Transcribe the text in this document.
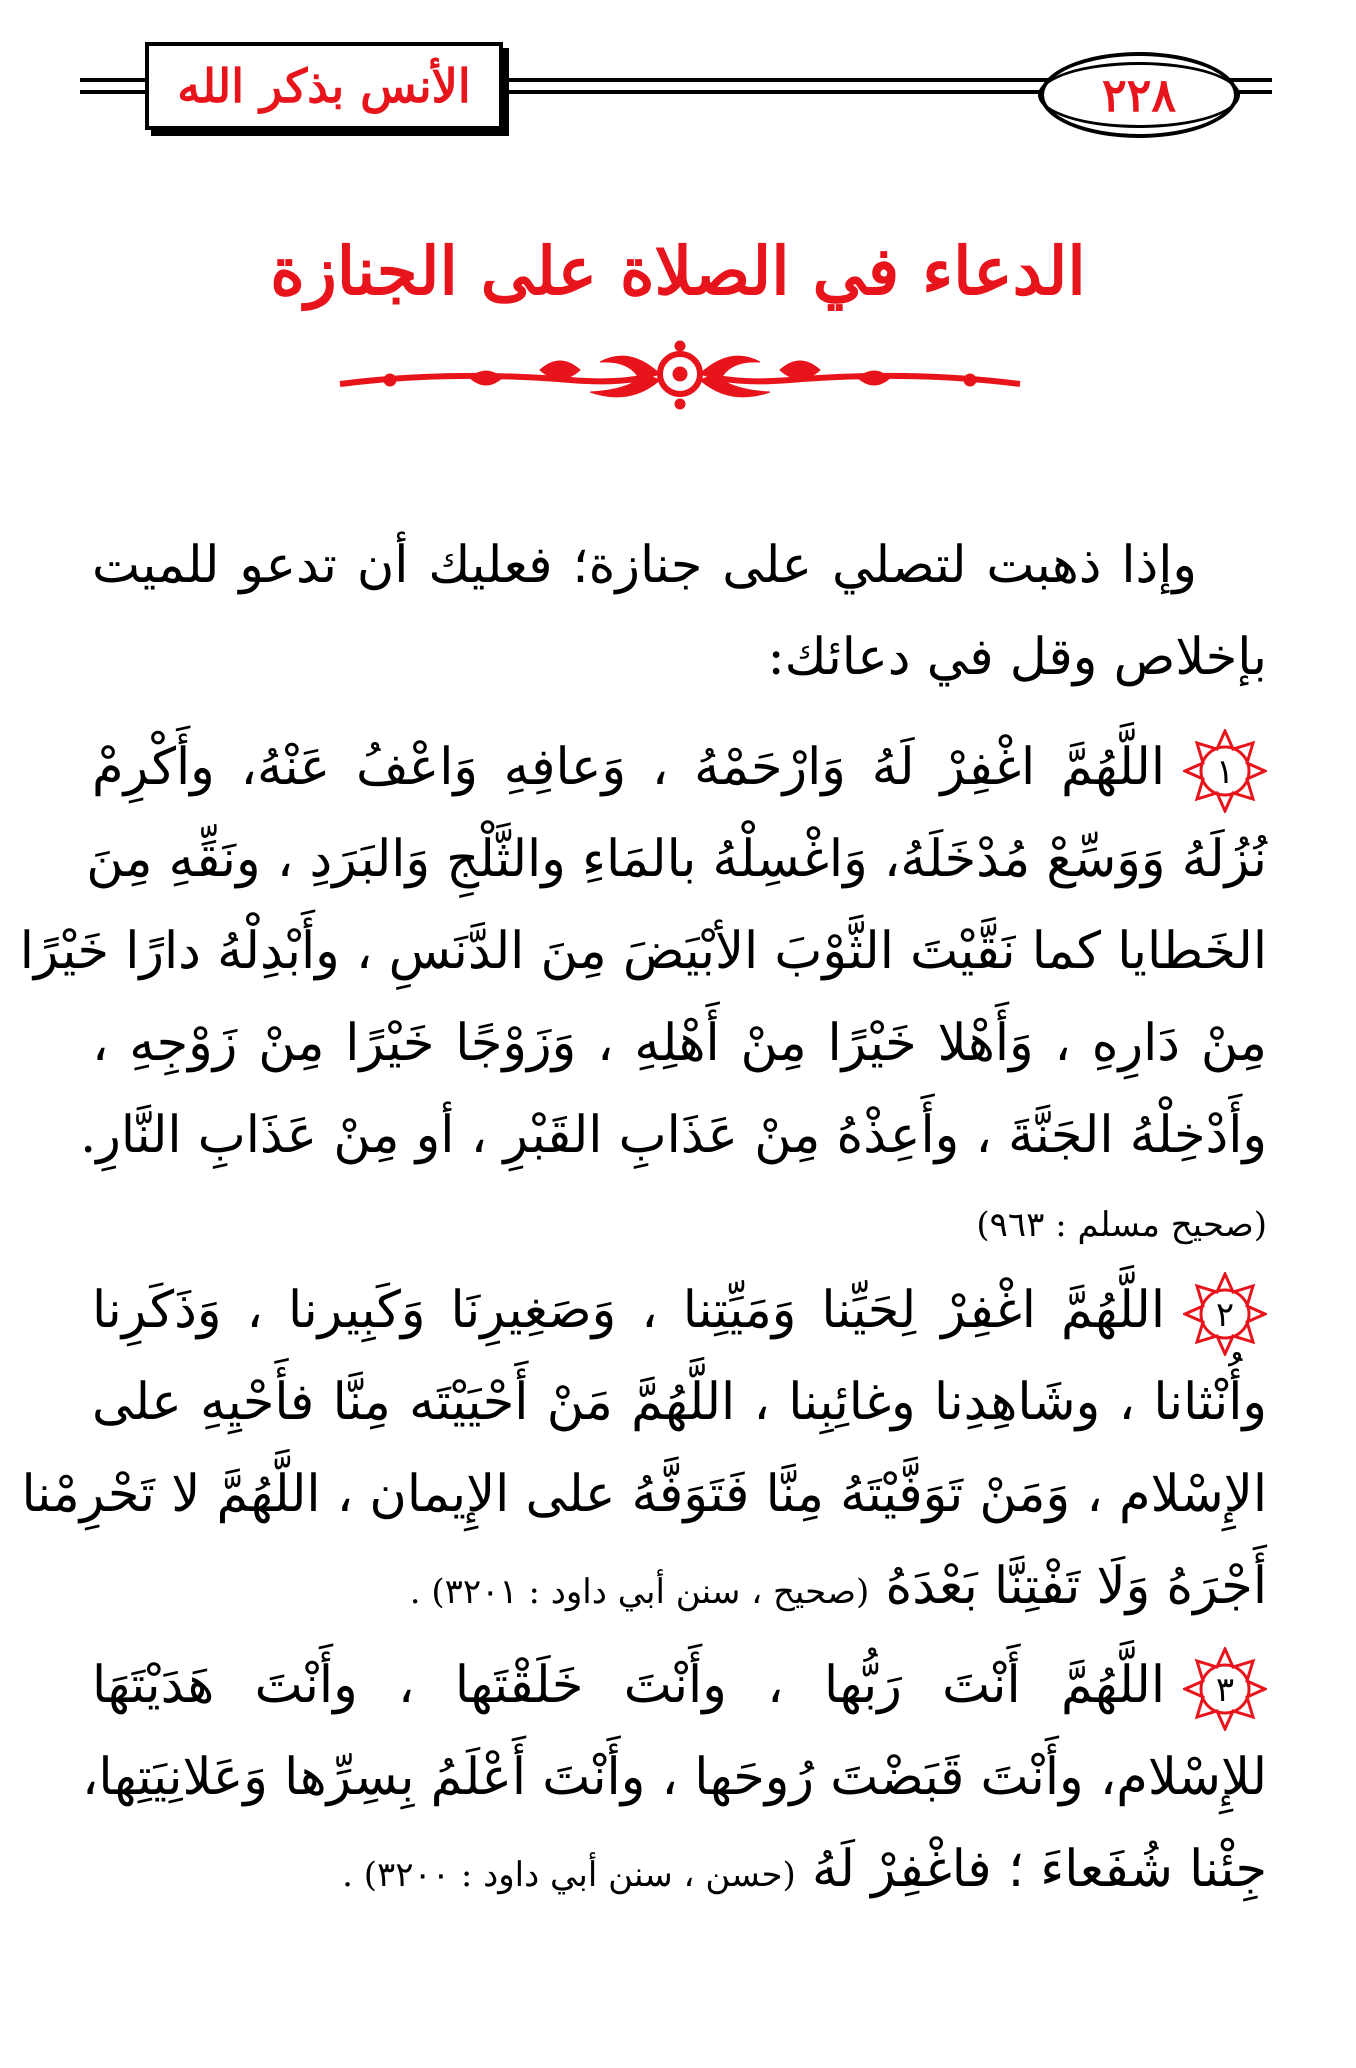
الأنس بذكر الله	٢٢٨
الدعاء في الصلاة على الجنازة
وإذا ذهبت لتصلي على جنازة؛ فعليك أن تدعو للميت
بإخلاص وقل في دعائك:
١
اللَّهُمَّ اغْفِرْ لَهُ وَارْحَمْهُ ، وَعافِهِ وَاعْفُ عَنْهُ، وأَكْرِمْ
نُزُلَهُ وَوَسِّعْ مُدْخَلَهُ، وَاغْسِلْهُ بالمَاءِ والثَّلْجِ وَالبَرَدِ ، ونَقِّهِ مِنَ
الخَطايا كما نَقَّيْتَ الثَّوْبَ الأبْيَضَ مِنَ الدَّنَسِ ، وأَبْدِلْهُ دارًا خَيْرًا
مِنْ دَارِهِ ، وَأَهْلا خَيْرًا مِنْ أَهْلِهِ ، وَزَوْجًا خَيْرًا مِنْ زَوْجِهِ ،
وأَدْخِلْهُ الجَنَّةَ ، وأَعِذْهُ مِنْ عَذَابِ القَبْرِ ، أو مِنْ عَذَابِ النَّارِ.
(صحيح مسلم : ٩٦٣)
٢
اللَّهُمَّ اغْفِرْ لِحَيِّنا وَمَيِّتِنا ، وَصَغِيرِنَا وَكَبِيرنا ، وَذَكَرِنا
وأُنْثانا ، وشَاهِدِنا وغائِبِنا ، اللَّهُمَّ مَنْ أَحْيَيْتَه مِنَّا فأَحْيِهِ على
الإِسْلام ، وَمَنْ تَوَفَّيْتَهُ مِنَّا فَتَوَفَّهُ على الإِيمان ، اللَّهُمَّ لا تَحْرِمْنا
أَجْرَهُ وَلَا تَفْتِنَّا بَعْدَهُ (صحيح ، سنن أبي داود : ٣٢٠١) .
٣
اللَّهُمَّ أَنْتَ رَبُّها ، وأَنْتَ خَلَقْتَها ، وأَنْتَ هَدَيْتَهَا
للإِسْلام، وأَنْتَ قَبَضْتَ رُوحَها ، وأَنْتَ أَعْلَمُ بِسِرِّها وَعَلانِيَتِها،
جِئْنا شُفَعاءَ ؛ فاغْفِرْ لَهُ (حسن ، سنن أبي داود : ٣٢٠٠) .
